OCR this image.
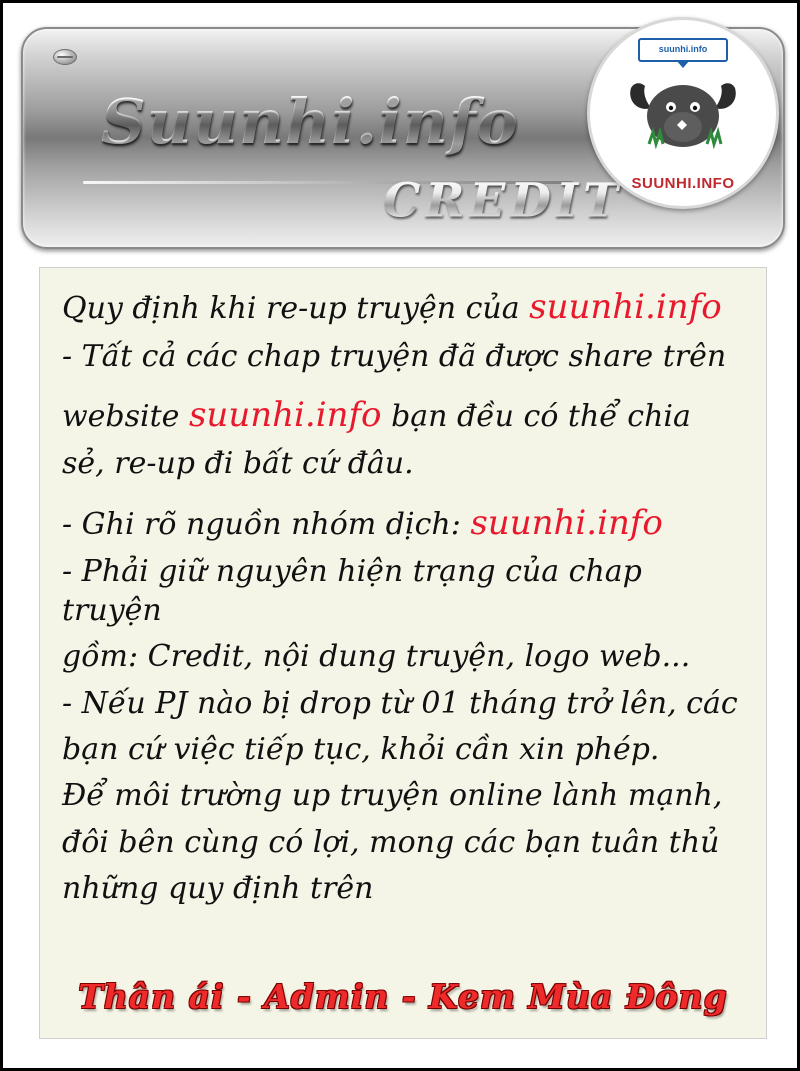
Suunhi.info
CREDIT
suunhi.info
SUUNHI.INFO

Quy định khi re-up truyện của suunhi.info

- Tất cả các chap truyện đã được share trên

website suunhi.info bạn đều có thể chia

sẻ, re-up đi bất cứ đâu.

- Ghi rõ nguồn nhóm dịch: suunhi.info

- Phải giữ nguyên hiện trạng của chap truyện

gồm: Credit, nội dung truyện, logo web...

- Nếu PJ nào bị drop từ 01 tháng trở lên, các

bạn cứ việc tiếp tục, khỏi cần xin phép.

Để môi trường up truyện online lành mạnh,

đôi bên cùng có lợi, mong các bạn tuân thủ

những quy định trên

Thân ái - Admin - Kem Mùa Đông
